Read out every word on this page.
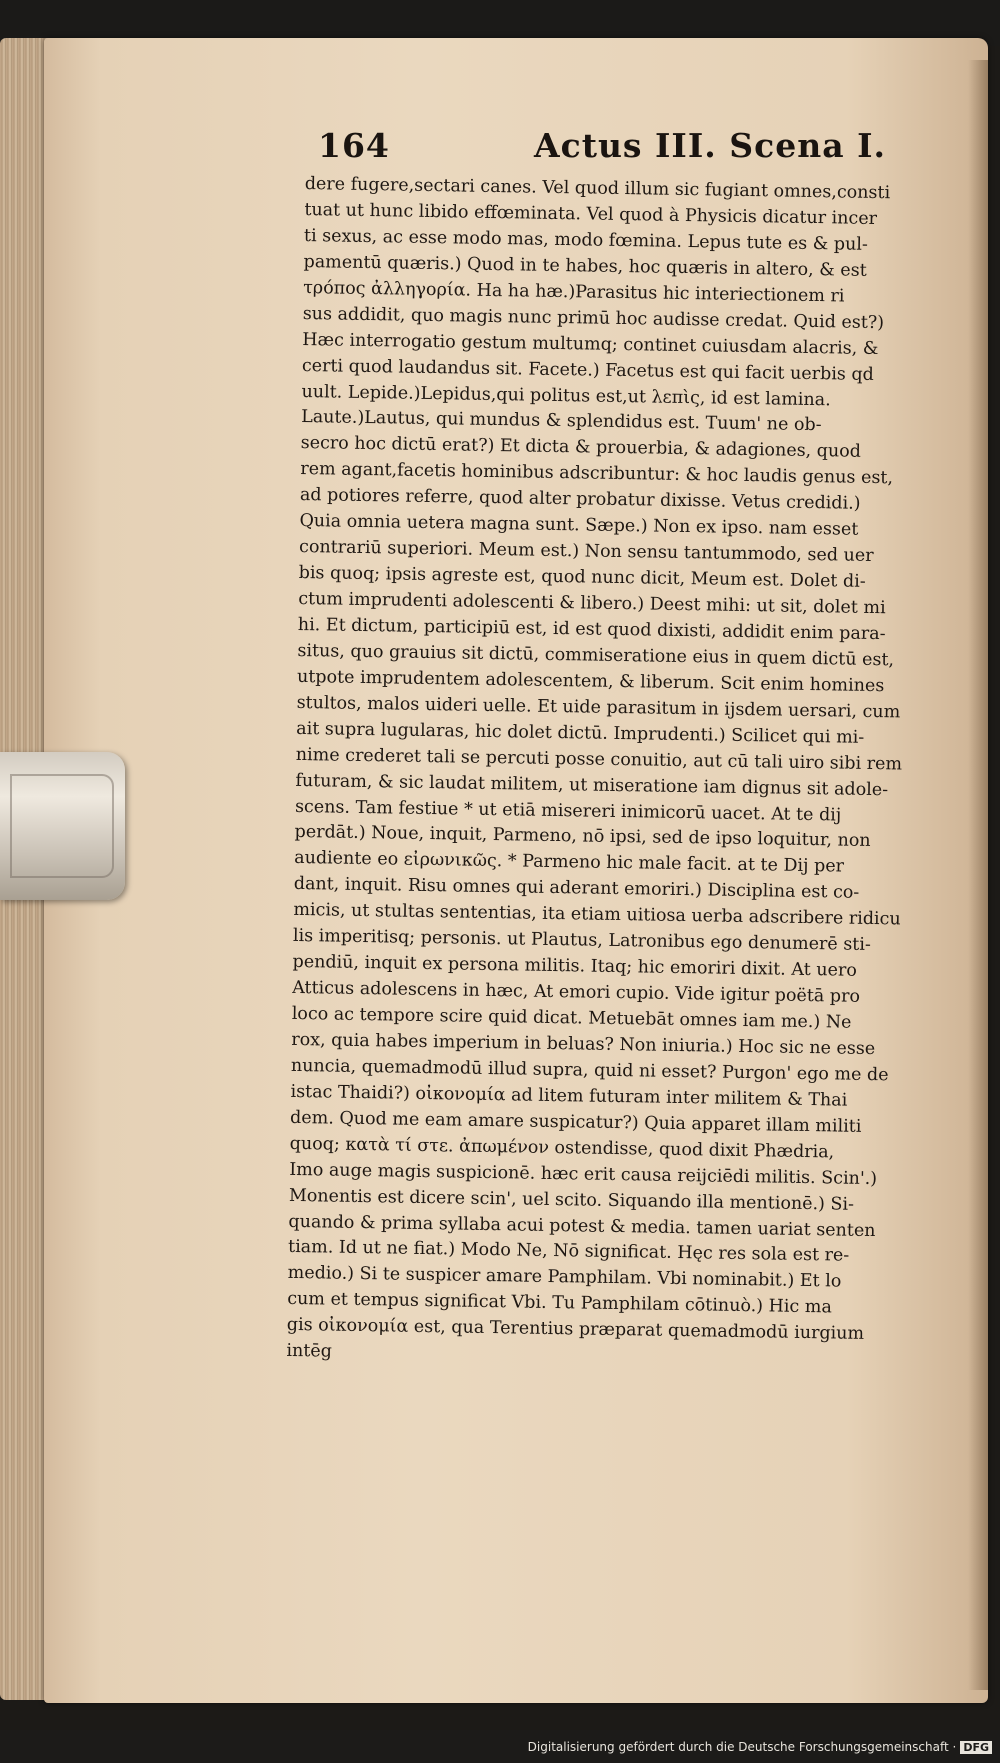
164	Actus III. Scena I.
dere fugere,sectari canes. Vel quod illum sic fugiant omnes,consti
tuat ut hunc libido effœminata. Vel quod à Physicis dicatur incer
ti sexus, ac esse modo mas, modo fœmina. Lepus tute es & pul-
pamentū quæris.) Quod in te habes, hoc quæris in altero, & est
τρόπος ἀλληγορία. Ha ha hæ.)Parasitus hic interiectionem ri
sus addidit, quo magis nunc primū hoc audisse credat. Quid est?)
Hæc interrogatio gestum multumq; continet cuiusdam alacris, &
certi quod laudandus sit. Facete.) Facetus est qui facit uerbis qd
uult. Lepide.)Lepidus,qui politus est,ut λεπὶς, id est lamina.
Laute.)Lautus, qui mundus & splendidus est. Tuum' ne ob-
secro hoc dictū erat?) Et dicta & prouerbia, & adagiones, quod
rem agant,facetis hominibus adscribuntur: & hoc laudis genus est,
ad potiores referre, quod alter probatur dixisse. Vetus credidi.)
Quia omnia uetera magna sunt. Sæpe.) Non ex ipso. nam esset
contrariū superiori. Meum est.) Non sensu tantummodo, sed uer
bis quoq; ipsis agreste est, quod nunc dicit, Meum est. Dolet di-
ctum imprudenti adolescenti & libero.) Deest mihi: ut sit, dolet mi
hi. Et dictum, participiū est, id est quod dixisti, addidit enim para-
situs, quo grauius sit dictū, commiseratione eius in quem dictū est,
utpote imprudentem adolescentem, & liberum. Scit enim homines
stultos, malos uideri uelle. Et uide parasitum in ijsdem uersari, cum
ait supra lugularas, hic dolet dictū. Imprudenti.) Scilicet qui mi-
nime crederet tali se percuti posse conuitio, aut cū tali uiro sibi rem
futuram, & sic laudat militem, ut miseratione iam dignus sit adole-
scens. Tam festiue * ut etiā misereri inimicorū uacet. At te dij
perdāt.) Noue, inquit, Parmeno, nō ipsi, sed de ipso loquitur, non
audiente eo εἰρωνικῶς. * Parmeno hic male facit. at te Dij per
dant, inquit. Risu omnes qui aderant emoriri.) Disciplina est co-
micis, ut stultas sententias, ita etiam uitiosa uerba adscribere ridicu
lis imperitisq; personis. ut Plautus, Latronibus ego denumerē sti-
pendiū, inquit ex persona militis. Itaq; hic emoriri dixit. At uero
Atticus adolescens in hæc, At emori cupio. Vide igitur poëtā pro
loco ac tempore scire quid dicat. Metuebāt omnes iam me.) Ne
rox, quia habes imperium in beluas? Non iniuria.) Hoc sic ne esse
nuncia, quemadmodū illud supra, quid ni esset? Purgon' ego me de
istac Thaidi?) οἰκονομία ad litem futuram inter militem & Thai
dem. Quod me eam amare suspicatur?) Quia apparet illam militi
quoq; κατὰ τί στε. ἀπωμένον ostendisse, quod dixit Phædria,
Imo auge magis suspicionē. hæc erit causa reijciēdi militis. Scin'.)
Monentis est dicere scin', uel scito. Siquando illa mentionē.) Si-
quando & prima syllaba acui potest & media. tamen uariat senten
tiam. Id ut ne fiat.) Modo Ne, Nō significat. Hęc res sola est re-
medio.) Si te suspicer amare Pamphilam. Vbi nominabit.) Et lo
cum et tempus significat Vbi. Tu Pamphilam cōtinuò.) Hic ma
gis οἰκονομία est, qua Terentius præparat quemadmodū iurgium
intēg
Digitalisierung gefördert durch die Deutsche Forschungsgemeinschaft · DFG
